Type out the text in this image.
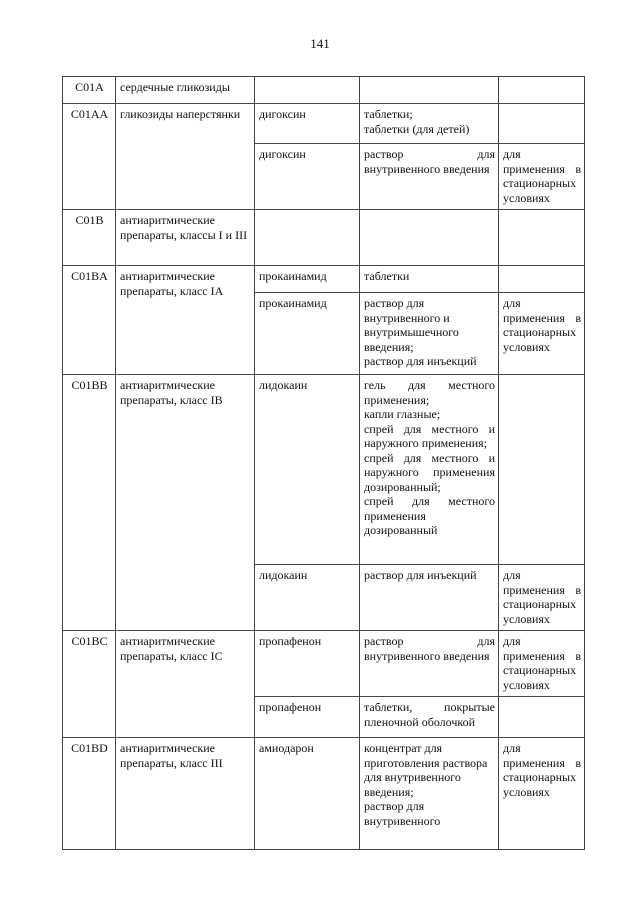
141
C01A	сердечные гликозиды			
C01AA	гликозиды наперстянки	дигоксин	таблетки;
таблетки (для детей)	

		дигоксин	раствор для внутривенного введения	для применения в стационарных условиях
C01B	антиаритмические препараты, классы I и III			
C01BA	антиаритмические препараты, класс IA	прокаинамид	таблетки	
		прокаинамид	раствор для внутривенного и внутримышечного введения;
раствор для инъекций	для применения в стационарных условиях
C01BB	антиаритмические препараты, класс IB	лидокаин	гель для местного применения;
капли глазные;
спрей для местного и наружного применения;
спрей для местного и наружного применения дозированный;
спрей для местного применения дозированный	

		лидокаин	раствор для инъекций	для применения в стационарных условиях
C01BC	антиаритмические препараты, класс IC	пропафенон	раствор для внутривенного введения	для применения в стационарных условиях
		пропафенон	таблетки, покрытые пленочной оболочкой	
C01BD	антиаритмические препараты, класс III	амиодарон	концентрат для приготовления раствора для внутривенного введения;
раствор для внутривенного	для применения в стационарных условиях
